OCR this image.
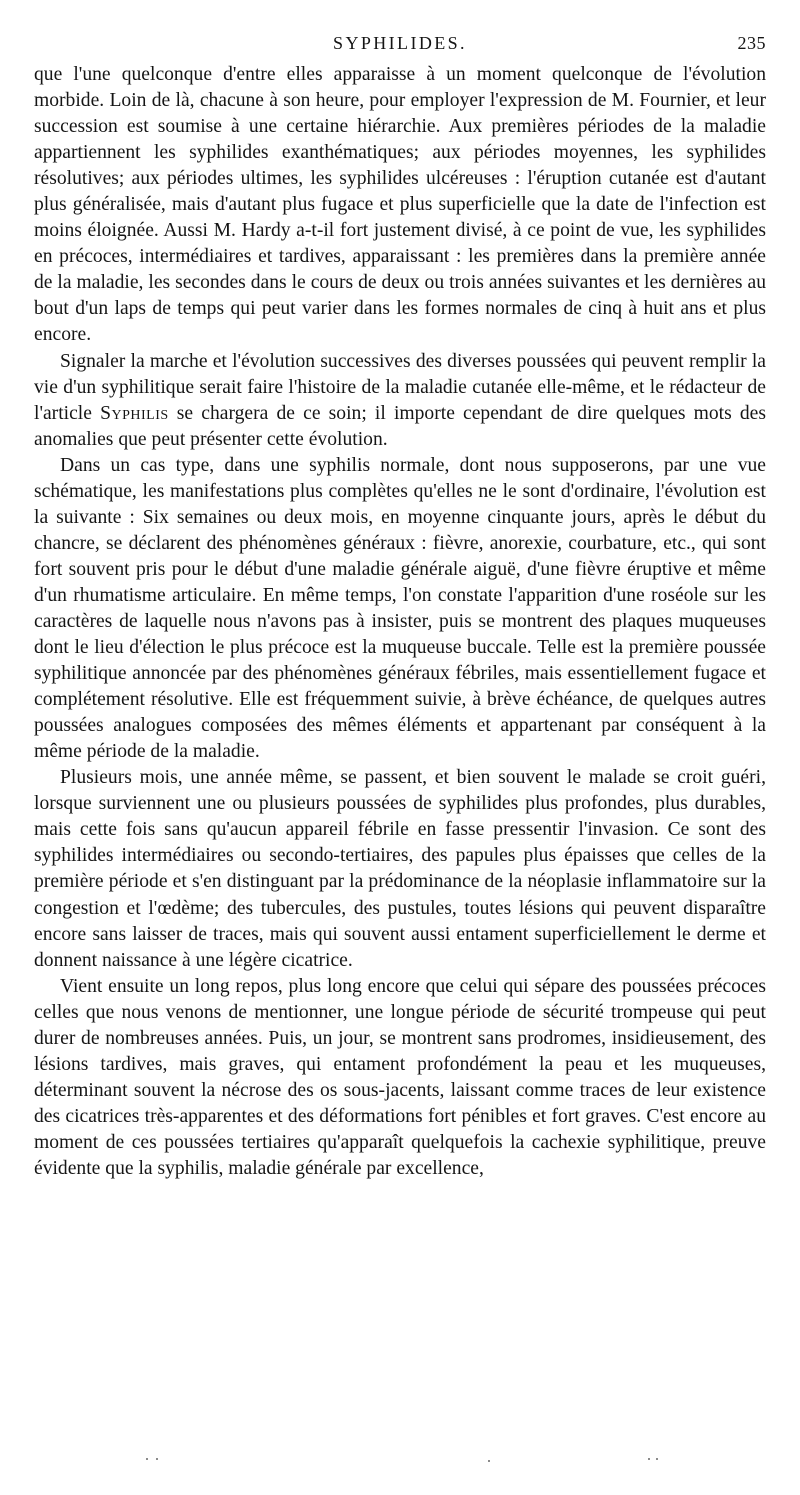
SYPHILIDES.	235

que l'une quelconque d'entre elles apparaisse à un moment quelconque de l'évolution morbide. Loin de là, chacune à son heure, pour employer l'expression de M. Fournier, et leur succession est soumise à une certaine hiérarchie. Aux premières périodes de la maladie appartiennent les syphilides exanthématiques; aux périodes moyennes, les syphilides résolutives; aux périodes ultimes, les syphilides ulcéreuses : l'éruption cutanée est d'autant plus généralisée, mais d'autant plus fugace et plus superficielle que la date de l'infection est moins éloignée. Aussi M. Hardy a-t-il fort justement divisé, à ce point de vue, les syphilides en précoces, intermédiaires et tardives, apparaissant : les premières dans la première année de la maladie, les secondes dans le cours de deux ou trois années suivantes et les dernières au bout d'un laps de temps qui peut varier dans les formes normales de cinq à huit ans et plus encore.

Signaler la marche et l'évolution successives des diverses poussées qui peuvent remplir la vie d'un syphilitique serait faire l'histoire de la maladie cutanée elle-même, et le rédacteur de l'article Syphilis se chargera de ce soin; il importe cependant de dire quelques mots des anomalies que peut présenter cette évolution.

Dans un cas type, dans une syphilis normale, dont nous supposerons, par une vue schématique, les manifestations plus complètes qu'elles ne le sont d'ordinaire, l'évolution est la suivante : Six semaines ou deux mois, en moyenne cinquante jours, après le début du chancre, se déclarent des phénomènes généraux : fièvre, anorexie, courbature, etc., qui sont fort souvent pris pour le début d'une maladie générale aiguë, d'une fièvre éruptive et même d'un rhumatisme articulaire. En même temps, l'on constate l'apparition d'une roséole sur les caractères de laquelle nous n'avons pas à insister, puis se montrent des plaques muqueuses dont le lieu d'élection le plus précoce est la muqueuse buccale. Telle est la première poussée syphilitique annoncée par des phénomènes généraux fébriles, mais essentiellement fugace et complétement résolutive. Elle est fréquemment suivie, à brève échéance, de quelques autres poussées analogues composées des mêmes éléments et appartenant par conséquent à la même période de la maladie.

Plusieurs mois, une année même, se passent, et bien souvent le malade se croit guéri, lorsque surviennent une ou plusieurs poussées de syphilides plus profondes, plus durables, mais cette fois sans qu'aucun appareil fébrile en fasse pressentir l'invasion. Ce sont des syphilides intermédiaires ou secondo-tertiaires, des papules plus épaisses que celles de la première période et s'en distinguant par la prédominance de la néoplasie inflammatoire sur la congestion et l'œdème; des tubercules, des pustules, toutes lésions qui peuvent disparaître encore sans laisser de traces, mais qui souvent aussi entament superficiellement le derme et donnent naissance à une légère cicatrice.

Vient ensuite un long repos, plus long encore que celui qui sépare des poussées précoces celles que nous venons de mentionner, une longue période de sécurité trompeuse qui peut durer de nombreuses années. Puis, un jour, se montrent sans prodromes, insidieusement, des lésions tardives, mais graves, qui entament profondément la peau et les muqueuses, déterminant souvent la nécrose des os sous-jacents, laissant comme traces de leur existence des cicatrices très-apparentes et des déformations fort pénibles et fort graves. C'est encore au moment de ces poussées tertiaires qu'apparaît quelquefois la cachexie syphilitique, preuve évidente que la syphilis, maladie générale par excellence,
